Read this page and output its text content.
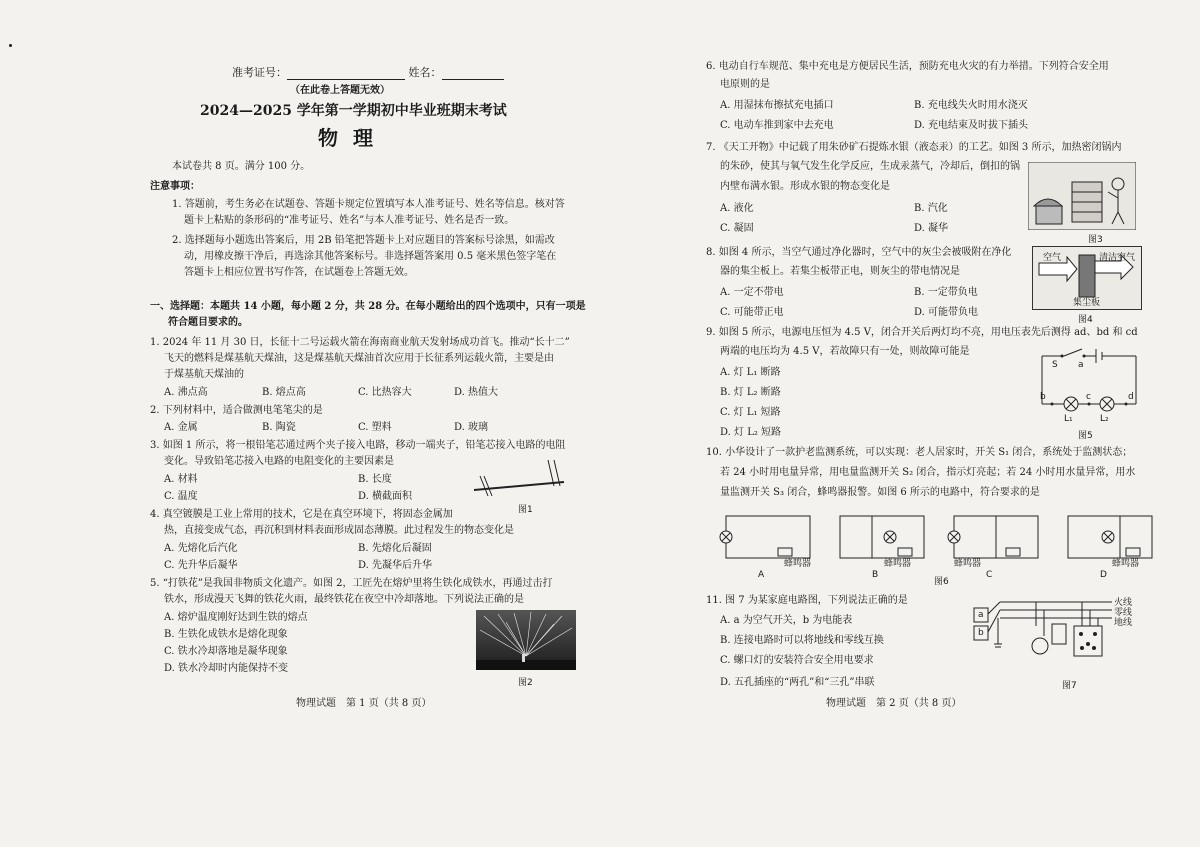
准考证号：	姓名：
（在此卷上答题无效）
2024—2025 学年第一学期初中毕业班期末考试
物 理
本试卷共 8 页。满分 100 分。
注意事项：
1. 答题前，考生务必在试题卷、答题卡规定位置填写本人准考证号、姓名等信息。核对答
题卡上粘贴的条形码的“准考证号、姓名”与本人准考证号、姓名是否一致。
2. 选择题每小题选出答案后，用 2B 铅笔把答题卡上对应题目的答案标号涂黑，如需改
动，用橡皮擦干净后，再选涂其他答案标号。非选择题答案用 0.5 毫米黑色签字笔在
答题卡上相应位置书写作答，在试题卷上答题无效。
一、选择题：本题共 14 小题，每小题 2 分，共 28 分。在每小题给出的四个选项中，只有一项是
符合题目要求的。
1. 2024 年 11 月 30 日，长征十二号运载火箭在海南商业航天发射场成功首飞。推动“长十二”
飞天的燃料是煤基航天煤油，这是煤基航天煤油首次应用于长征系列运载火箭，主要是由
于煤基航天煤油的
A. 沸点高	B. 熔点高	C. 比热容大	D. 热值大
2. 下列材料中，适合做测电笔笔尖的是
A. 金属	B. 陶瓷	C. 塑料	D. 玻璃
3. 如图 1 所示，将一根铅笔芯通过两个夹子接入电路，移动一端夹子，铅笔芯接入电路的电阻
变化。导致铅笔芯接入电路的电阻变化的主要因素是
A. 材料	B. 长度
C. 温度	D. 横截面积
图1
4. 真空镀膜是工业上常用的技术，它是在真空环境下，将固态金属加
热，直接变成气态，再沉积到材料表面形成固态薄膜。此过程发生的物态变化是
A. 先熔化后汽化	B. 先熔化后凝固
C. 先升华后凝华	D. 先凝华后升华
5. “打铁花”是我国非物质文化遗产。如图 2，工匠先在熔炉里将生铁化成铁水，再通过击打
铁水，形成漫天飞舞的铁花火雨，最终铁花在夜空中冷却落地。下列说法正确的是
A. 熔炉温度刚好达到生铁的熔点
B. 生铁化成铁水是熔化现象
C. 铁水冷却落地是凝华现象
D. 铁水冷却时内能保持不变
图2
物理试题　第 1 页（共 8 页）
6. 电动自行车规范、集中充电是方便居民生活，预防充电火灾的有力举措。下列符合安全用
电原则的是
A. 用湿抹布擦拭充电插口	B. 充电线失火时用水浇灭
C. 电动车推到家中去充电	D. 充电结束及时拔下插头
7. 《天工开物》中记载了用朱砂矿石提炼水银（液态汞）的工艺。如图 3 所示，加热密闭锅内
的朱砂，使其与氧气发生化学反应，生成汞蒸气，冷却后，倒扣的锅
内壁布满水银。形成水银的物态变化是
A. 液化	B. 汽化
C. 凝固	D. 凝华
图3
8. 如图 4 所示，当空气通过净化器时，空气中的灰尘会被吸附在净化
器的集尘板上。若集尘板带正电，则灰尘的带电情况是
A. 一定不带电	B. 一定带负电
C. 可能带正电	D. 可能带负电
空气	清洁空气
集尘板
图4
9. 如图 5 所示，电源电压恒为 4.5 V，闭合开关后两灯均不亮，用电压表先后测得 ad、bd 和 cd
两端的电压均为 4.5 V，若故障只有一处，则故障可能是
A. 灯 L₁ 断路
B. 灯 L₂ 断路
C. 灯 L₁ 短路
D. 灯 L₂ 短路
S a
b	c	d
L₁	L₂
图5
10. 小华设计了一款护老监测系统，可以实现：老人居家时，开关 S₁ 闭合，系统处于监测状态；
若 24 小时用电量异常，用电量监测开关 S₂ 闭合，指示灯亮起；若 24 小时用水量异常，用水
量监测开关 S₃ 闭合，蜂鸣器报警。如图 6 所示的电路中，符合要求的是
蜂鸣器
A
蜂鸣器
B
蜂鸣器
C
蜂鸣器
D
图6
11. 图 7 为某家庭电路图，下列说法正确的是
A. a 为空气开关，b 为电能表
B. 连接电路时可以将地线和零线互换
C. 螺口灯的安装符合安全用电要求
D. 五孔插座的“两孔”和“三孔”串联
a
b
火线
零线
地线
图7
物理试题　第 2 页（共 8 页）
